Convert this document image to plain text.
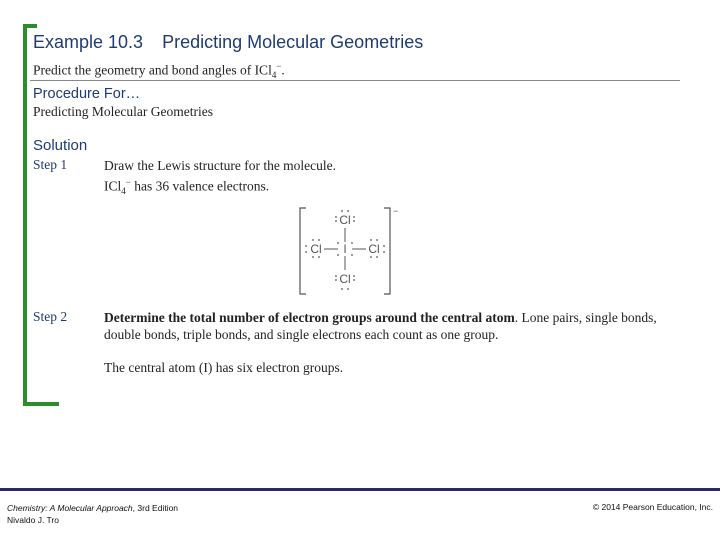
Example 10.3 Predicting Molecular Geometries
Predict the geometry and bond angles of ICl$_4$−.
Procedure For…
Predicting Molecular Geometries
Solution
Step 1	Draw the Lewis structure for the molecule.
ICl$_4$− has 36 valence electrons.
−
Cl
I
Cl
Cl	Cl
Step 2	Determine the total number of electron groups around the central atom. Lone pairs, single bonds,
double bonds, triple bonds, and single electrons each count as one group.
The central atom (I) has six electron groups.
Chemistry: A Molecular Approach, 3rd Edition
Nivaldo J. Tro
© 2014 Pearson Education, Inc.
